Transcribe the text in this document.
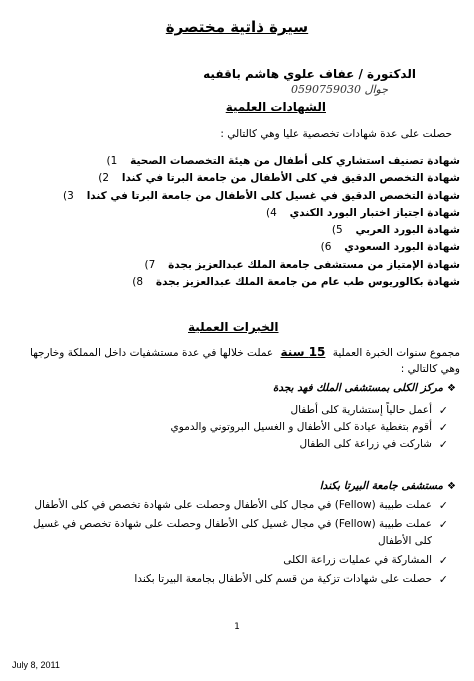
سيرة ذاتية مختصرة
الدكتورة / عفاف علوي هاشم باقفيه
جوال 0590759030
الشهادات العلمية
حصلت على عدة شهادات تخصصية عليا وهي كالتالي :
شهادة تصنيف استشاري كلى أطفال من هيئة التخصصات الصحية 1)
شهادة التخصص الدقيق في كلى الأطفال من جامعة البرتا في كندا 2)
شهادة التخصص الدقيق في غسيل كلى الأطفال من جامعة البرتا في كندا 3)
شهادة اجتياز اختبار البورد الكندي 4)
شهادة البورد العربي 5)
شهادة البورد السعودي 6)
شهادة الإمتياز من مستشفى جامعة الملك عبدالعزيز بجدة 7)
شهادة بكالوريوس طب عام من جامعة الملك عبدالعزيز بجدة 8)
الخبرات العملية
مجموع سنوات الخبرة العملية 15 سنة عملت خلالها في عدة مستشفيات داخل المملكة وخارجها وهي كالتالي :
❖مركز الكلى بمستشفى الملك فهد بجدة
✓
أعمل حالياً إستشارية كلى أطفال
✓
أقوم بتغطية عيادة كلى الأطفال و الغسيل البروتوني والدموي
✓
شاركت في زراعة كلى الطفال
❖مستشفى جامعة البيرتا بكندا
✓
عملت طبيبة (Fellow) في مجال كلى الأطفال وحصلت على شهادة تخصص في كلى الأطفال
✓
عملت طبيبة (Fellow) في مجال غسيل كلى الأطفال وحصلت على شهادة تخصص في غسيل كلى الأطفال
✓
المشاركة في عمليات زراعة الكلى
✓
حصلت على شهادات تزكية من قسم كلى الأطفال بجامعة البيرتا بكندا
1
July 8, 2011
